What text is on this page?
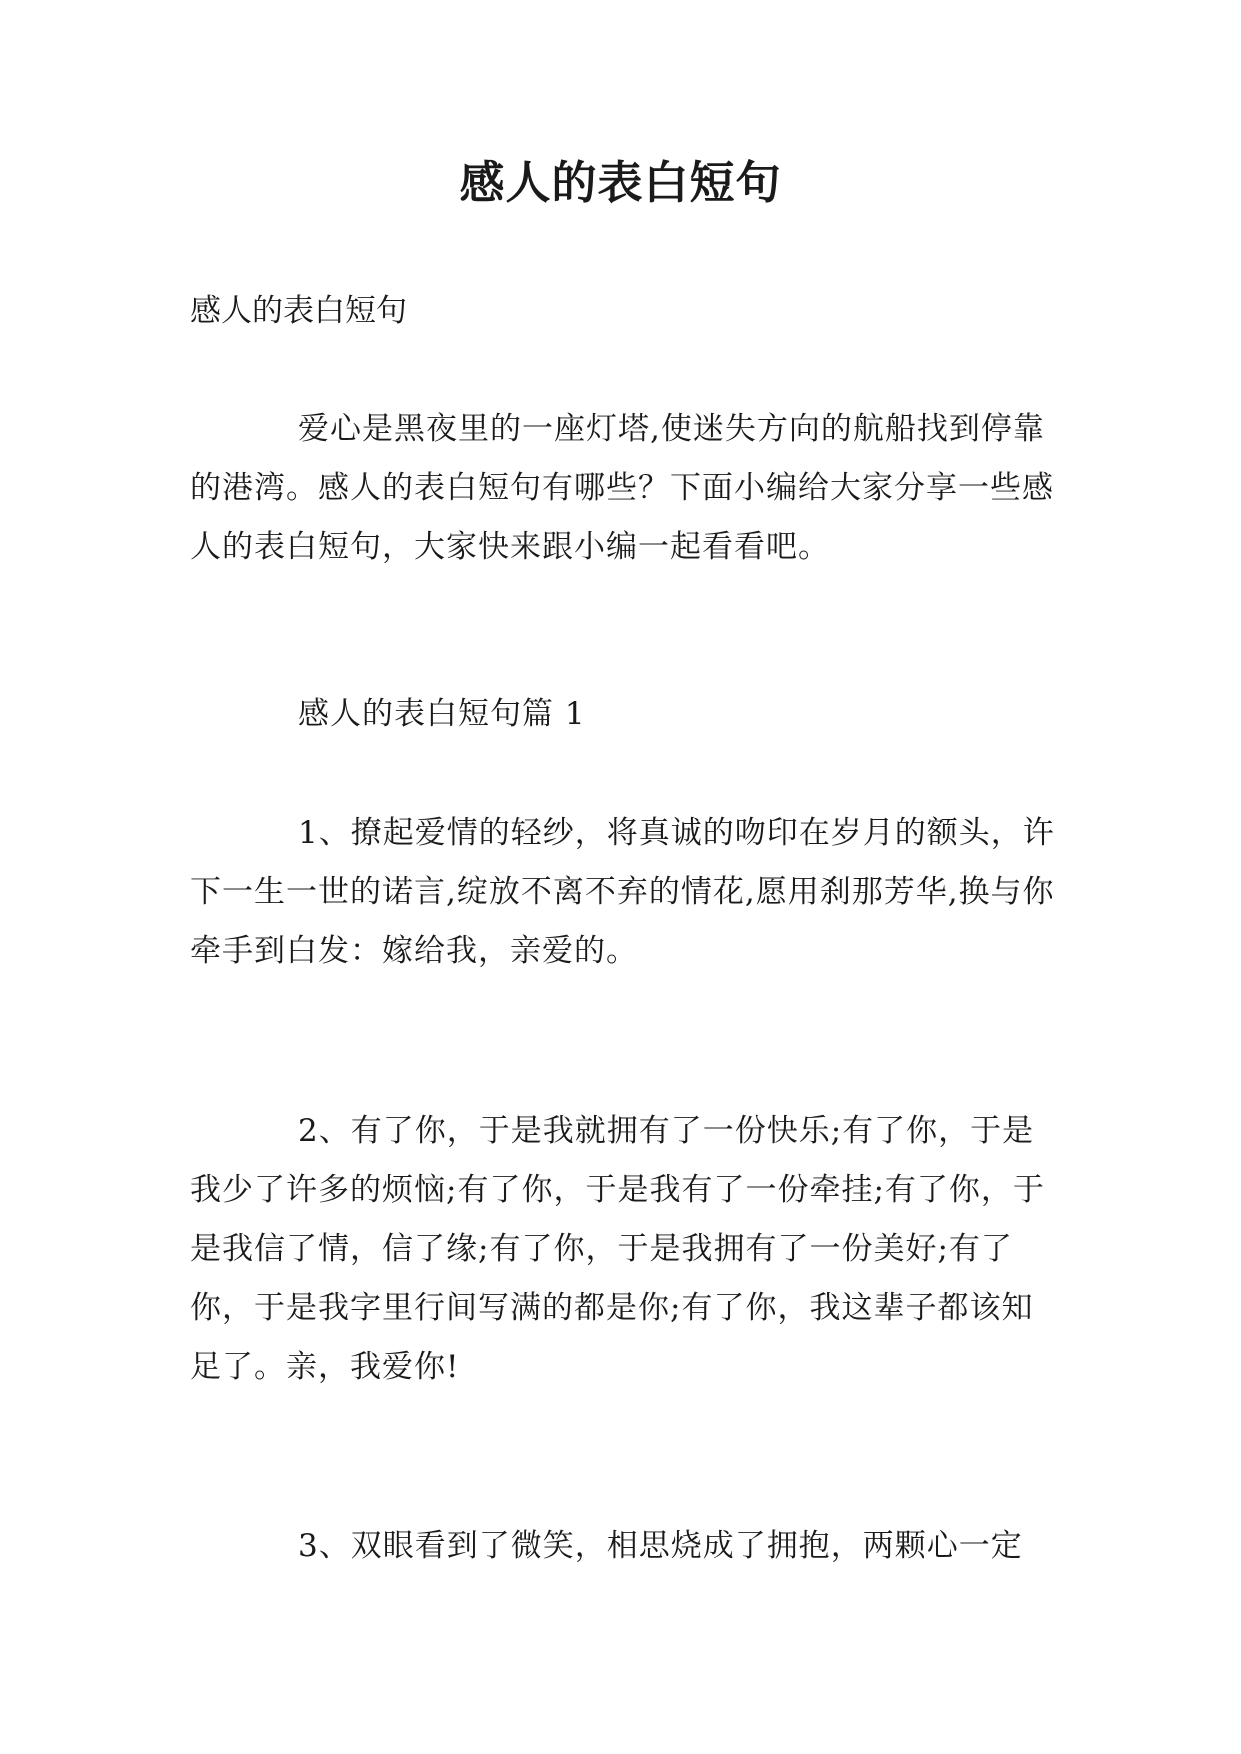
感人的表白短句

感人的表白短句

爱心是黑夜里的一座灯塔,使迷失方向的航船找到停靠的港湾。感人的表白短句有哪些？下面小编给大家分享一些感人的表白短句，大家快来跟小编一起看看吧。

感人的表白短句篇 1

1、撩起爱情的轻纱，将真诚的吻印在岁月的额头，许下一生一世的诺言,绽放不离不弃的情花,愿用刹那芳华,换与你牵手到白发：嫁给我，亲爱的。

2、有了你，于是我就拥有了一份快乐;有了你，于是我少了许多的烦恼;有了你，于是我有了一份牵挂;有了你，于是我信了情，信了缘;有了你，于是我拥有了一份美好;有了你，于是我字里行间写满的都是你;有了你，我这辈子都该知足了。亲，我爱你!

3、双眼看到了微笑，相思烧成了拥抱，两颗心一定
